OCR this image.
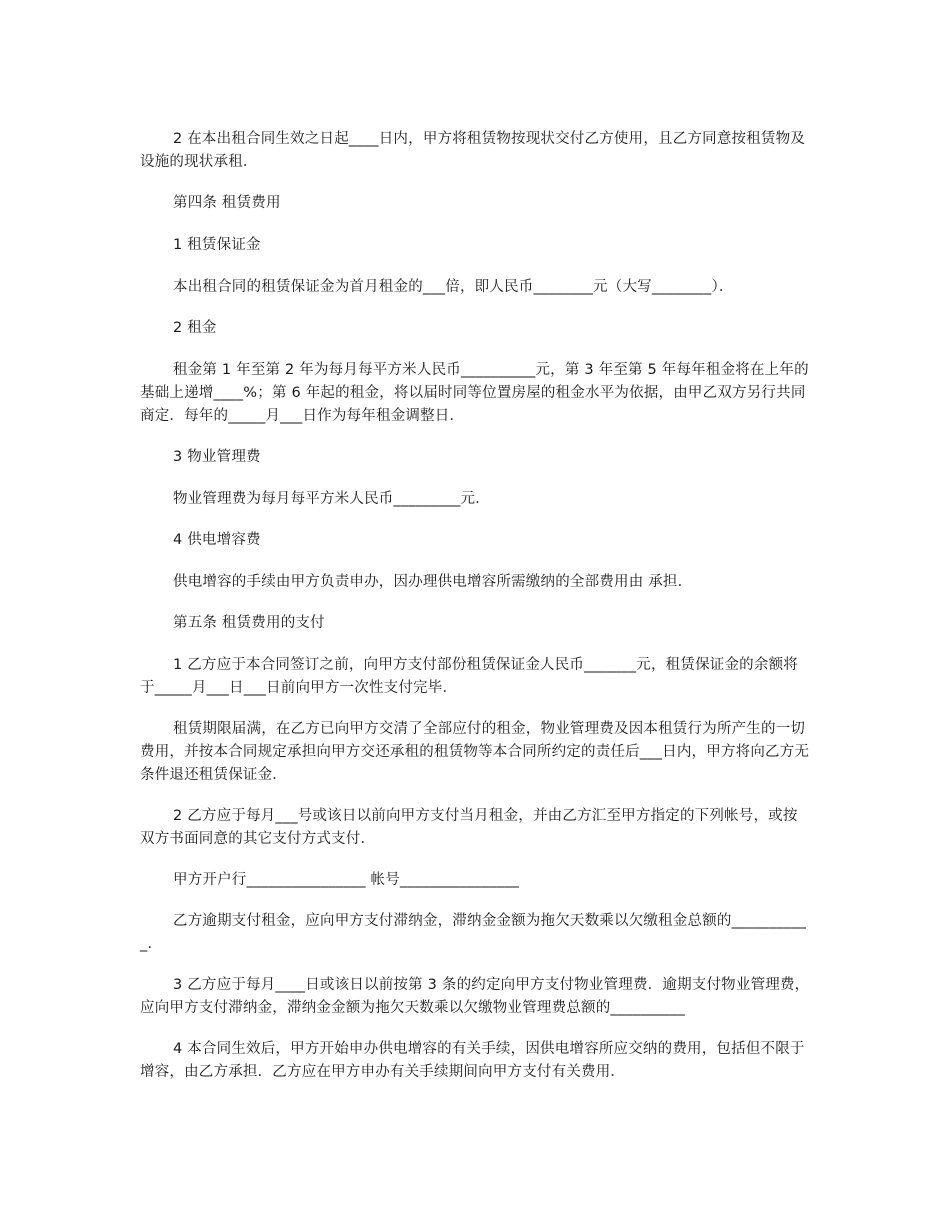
2 在本出租合同生效之日起____日内，甲方将租赁物按现状交付乙方使用，且乙方同意按租赁物及设施的现状承租．

第四条 租赁费用

1 租赁保证金

本出租合同的租赁保证金为首月租金的___倍，即人民币________元（大写________）．

2 租金

租金第 1 年至第 2 年为每月每平方米人民币__________元，第 3 年至第 5 年每年租金将在上年的基础上递增____%；第 6 年起的租金，将以届时同等位置房屋的租金水平为依据，由甲乙双方另行共同商定．每年的_____月___日作为每年租金调整日．

3 物业管理费

物业管理费为每月每平方米人民币_________元．

4 供电增容费

供电增容的手续由甲方负责申办，因办理供电增容所需缴纳的全部费用由 承担．

第五条 租赁费用的支付

1 乙方应于本合同签订之前，向甲方支付部份租赁保证金人民币_______元，租赁保证金的余额将于_____月___日___日前向甲方一次性支付完毕．

租赁期限届满，在乙方已向甲方交清了全部应付的租金，物业管理费及因本租赁行为所产生的一切费用，并按本合同规定承担向甲方交还承租的租赁物等本合同所约定的责任后___日内，甲方将向乙方无条件退还租赁保证金．

2 乙方应于每月___号或该日以前向甲方支付当月租金，并由乙方汇至甲方指定的下列帐号，或按双方书面同意的其它支付方式支付．

甲方开户行________________ 帐号________________

乙方逾期支付租金，应向甲方支付滞纳金，滞纳金金额为拖欠天数乘以欠缴租金总额的___________．

3 乙方应于每月____日或该日以前按第 3 条的约定向甲方支付物业管理费．逾期支付物业管理费，应向甲方支付滞纳金，滞纳金金额为拖欠天数乘以欠缴物业管理费总额的__________

4 本合同生效后，甲方开始申办供电增容的有关手续，因供电增容所应交纳的费用，包括但不限于增容，由乙方承担．乙方应在甲方申办有关手续期间向甲方支付有关费用．
